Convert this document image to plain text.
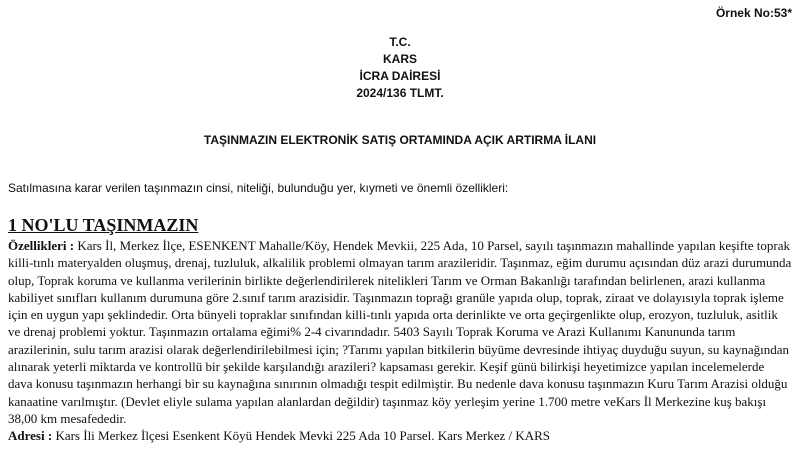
Örnek No:53*
T.C.
KARS
İCRA DAİRESİ
2024/136 TLMT.
TAŞINMAZIN ELEKTRONİK SATIŞ ORTAMINDA AÇIK ARTIRMA İLANI
Satılmasına karar verilen taşınmazın cinsi, niteliği, bulunduğu yer, kıymeti ve önemli özellikleri:
1 NO'LU TAŞINMAZIN

Özellikleri : Kars İl, Merkez İlçe, ESENKENT Mahalle/Köy, Hendek Mevkii, 225 Ada, 10 Parsel, sayılı taşınmazın mahallinde yapılan keşifte toprak killi-tınlı materyalden oluşmuş, drenaj, tuzluluk, alkalilik problemi olmayan tarım arazileridir. Taşınmaz, eğim durumu açısından düz arazi durumunda olup, Toprak koruma ve kullanma verilerinin birlikte değerlendirilerek nitelikleri Tarım ve Orman Bakanlığı tarafından belirlenen, arazi kullanma kabiliyet sınıfları kullanım durumuna göre 2.sınıf tarım arazisidir. Taşınmazın toprağı granüle yapıda olup, toprak, ziraat ve dolayısıyla toprak işleme için en uygun yapı şeklindedir. Orta bünyeli topraklar sınıfından killi-tınlı yapıda orta derinlikte ve orta geçirgenlikte olup, erozyon, tuzluluk, asitlik ve drenaj problemi yoktur. Taşınmazın ortalama eğimi% 2-4 civarındadır. 5403 Sayılı Toprak Koruma ve Arazi Kullanımı Kanununda tarım arazilerinin, sulu tarım arazisi olarak değerlendirilebilmesi için; ?Tarımı yapılan bitkilerin büyüme devresinde ihtiyaç duyduğu suyun, su kaynağından alınarak yeterli miktarda ve kontrollü bir şekilde karşılandığı arazileri? kapsaması gerekir. Keşif günü bilirkişi heyetimizce yapılan incelemelerde dava konusu taşınmazın herhangi bir su kaynağına sınırının olmadığı tespit edilmiştir. Bu nedenle dava konusu taşınmazın Kuru Tarım Arazisi olduğu kanaatine varılmıştır. (Devlet eliyle sulama yapılan alanlardan değildir) taşınmaz köy yerleşim yerine 1.700 metre veKars İl Merkezine kuş bakışı 38,00 km mesafededir.

Adresi : Kars İli Merkez İlçesi Esenkent Köyü Hendek Mevki 225 Ada 10 Parsel. Kars Merkez / KARS
